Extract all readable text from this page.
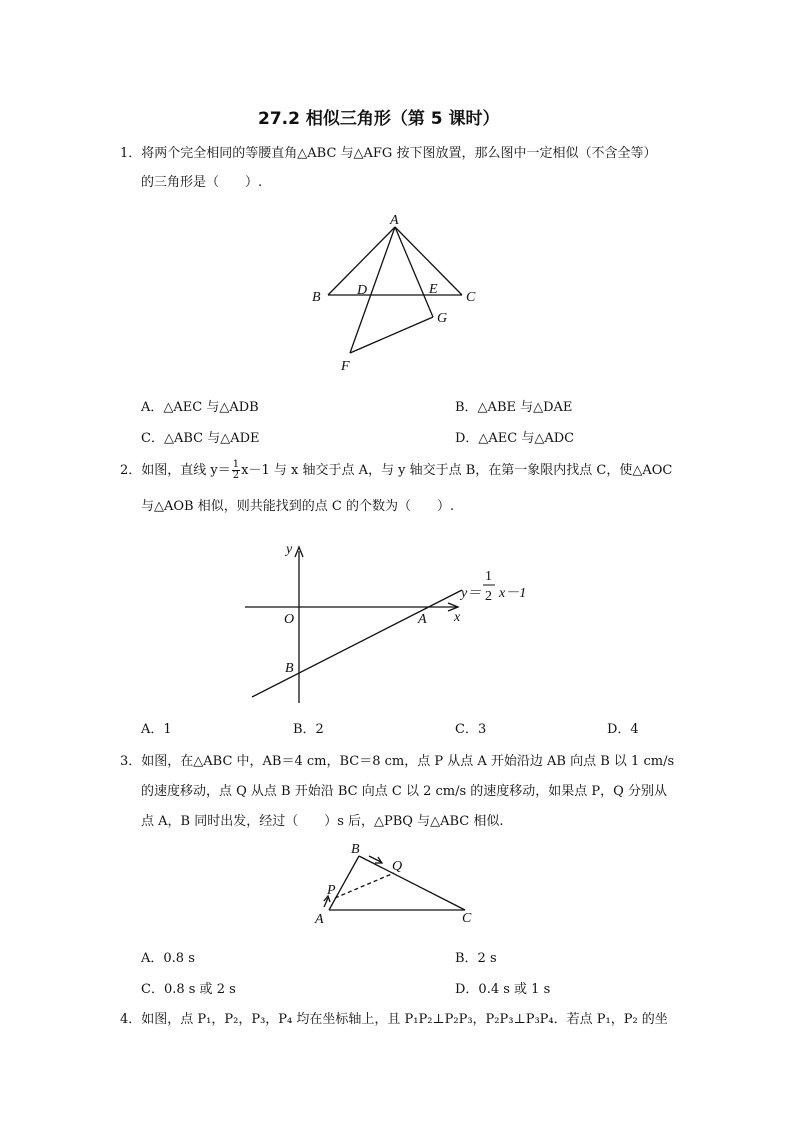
27.2 相似三角形（第 5 课时）
1．将两个完全相同的等腰直角△ABC 与△AFG 按下图放置，那么图中一定相似（不含全等）
的三角形是（　　）.
A
B	C
D	E
F
G
A．△AEC 与△ADB	B．△ABE 与△DAE
C．△ABC 与△ADE	D．△AEC 与△ADC
2．如图，直线 $y= \frac{1}{2} x-1$ 与 x 轴交于点 A，与 y 轴交于点 B，在第一象限内找点 C，使△AOC
与△AOB 相似，则共能找到的点 C 的个数为（　　）.
y
x
O	A
B
y＝
1
2 x－1
A．1	B．2	C．3	D．4
3．如图，在△ABC 中，AB＝4 cm，BC＝8 cm，点 P 从点 A 开始沿边 AB 向点 B 以 1 cm/s
的速度移动，点 Q 从点 B 开始沿 BC 向点 C 以 2 cm/s 的速度移动，如果点 P，Q 分别从
点 A，B 同时出发，经过（　　）s 后，△PBQ 与△ABC 相似.
B
Q
P
A	C
A．0.8 s	B．2 s
C．0.8 s 或 2 s	D．0.4 s 或 1 s
4．如图，点 P₁，P₂，P₃，P₄ 均在坐标轴上，且 P₁P₂⊥P₂P₃，P₂P₃⊥P₃P₄．若点 P₁，P₂ 的坐
